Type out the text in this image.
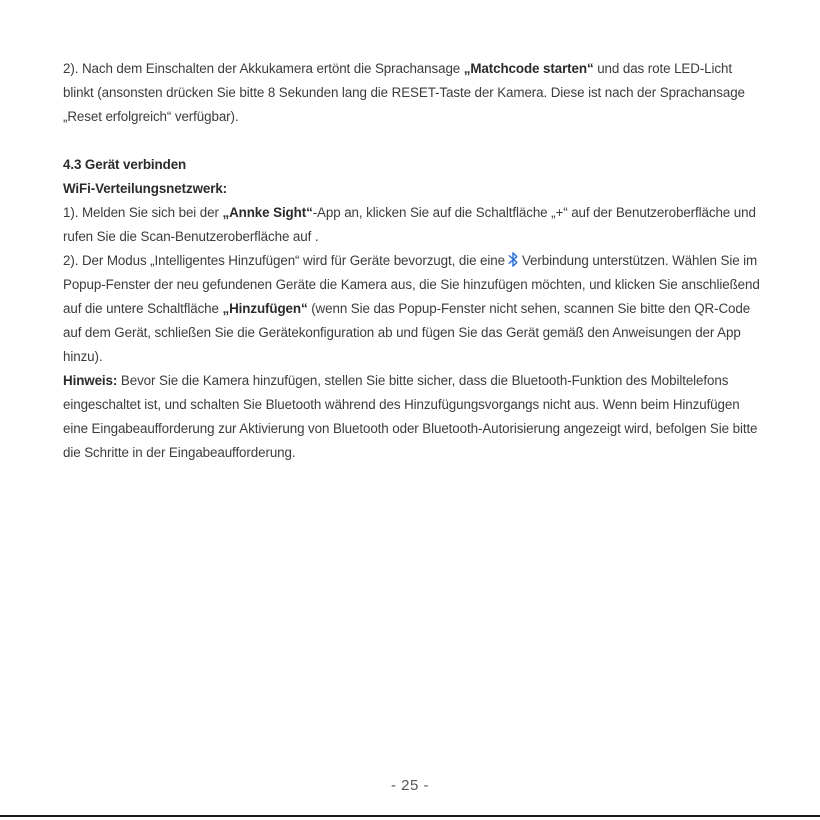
2). Nach dem Einschalten der Akkukamera ertönt die Sprachansage „Matchcode starten“ und das rote LED-Licht blinkt (ansonsten drücken Sie bitte 8 Sekunden lang die RESET-Taste der Kamera. Diese ist nach der Sprachansage „Reset erfolgreich“ verfügbar).

4.3 Gerät verbinden

WiFi-Verteilungsnetzwerk:

1). Melden Sie sich bei der „Annke Sight“-App an, klicken Sie auf die Schaltfläche „+“ auf der Benutzeroberfläche und rufen Sie die Scan-Benutzeroberfläche auf .

2). Der Modus „Intelligentes Hinzufügen“ wird für Geräte bevorzugt, die eine Verbindung unterstützen. Wählen Sie im Popup-Fenster der neu gefundenen Geräte die Kamera aus, die Sie hinzufügen möchten, und klicken Sie anschließend auf die untere Schaltfläche „Hinzufügen“ (wenn Sie das Popup-Fenster nicht sehen, scannen Sie bitte den QR-Code auf dem Gerät, schließen Sie die Gerätekonfiguration ab und fügen Sie das Gerät gemäß den Anweisungen der App hinzu).

Hinweis: Bevor Sie die Kamera hinzufügen, stellen Sie bitte sicher, dass die Bluetooth-Funktion des Mobiltelefons eingeschaltet ist, und schalten Sie Bluetooth während des Hinzufügungsvorgangs nicht aus. Wenn beim Hinzufügen eine Eingabeaufforderung zur Aktivierung von Bluetooth oder Bluetooth-Autorisierung angezeigt wird, befolgen Sie bitte die Schritte in der Eingabeaufforderung.

- 25 -
